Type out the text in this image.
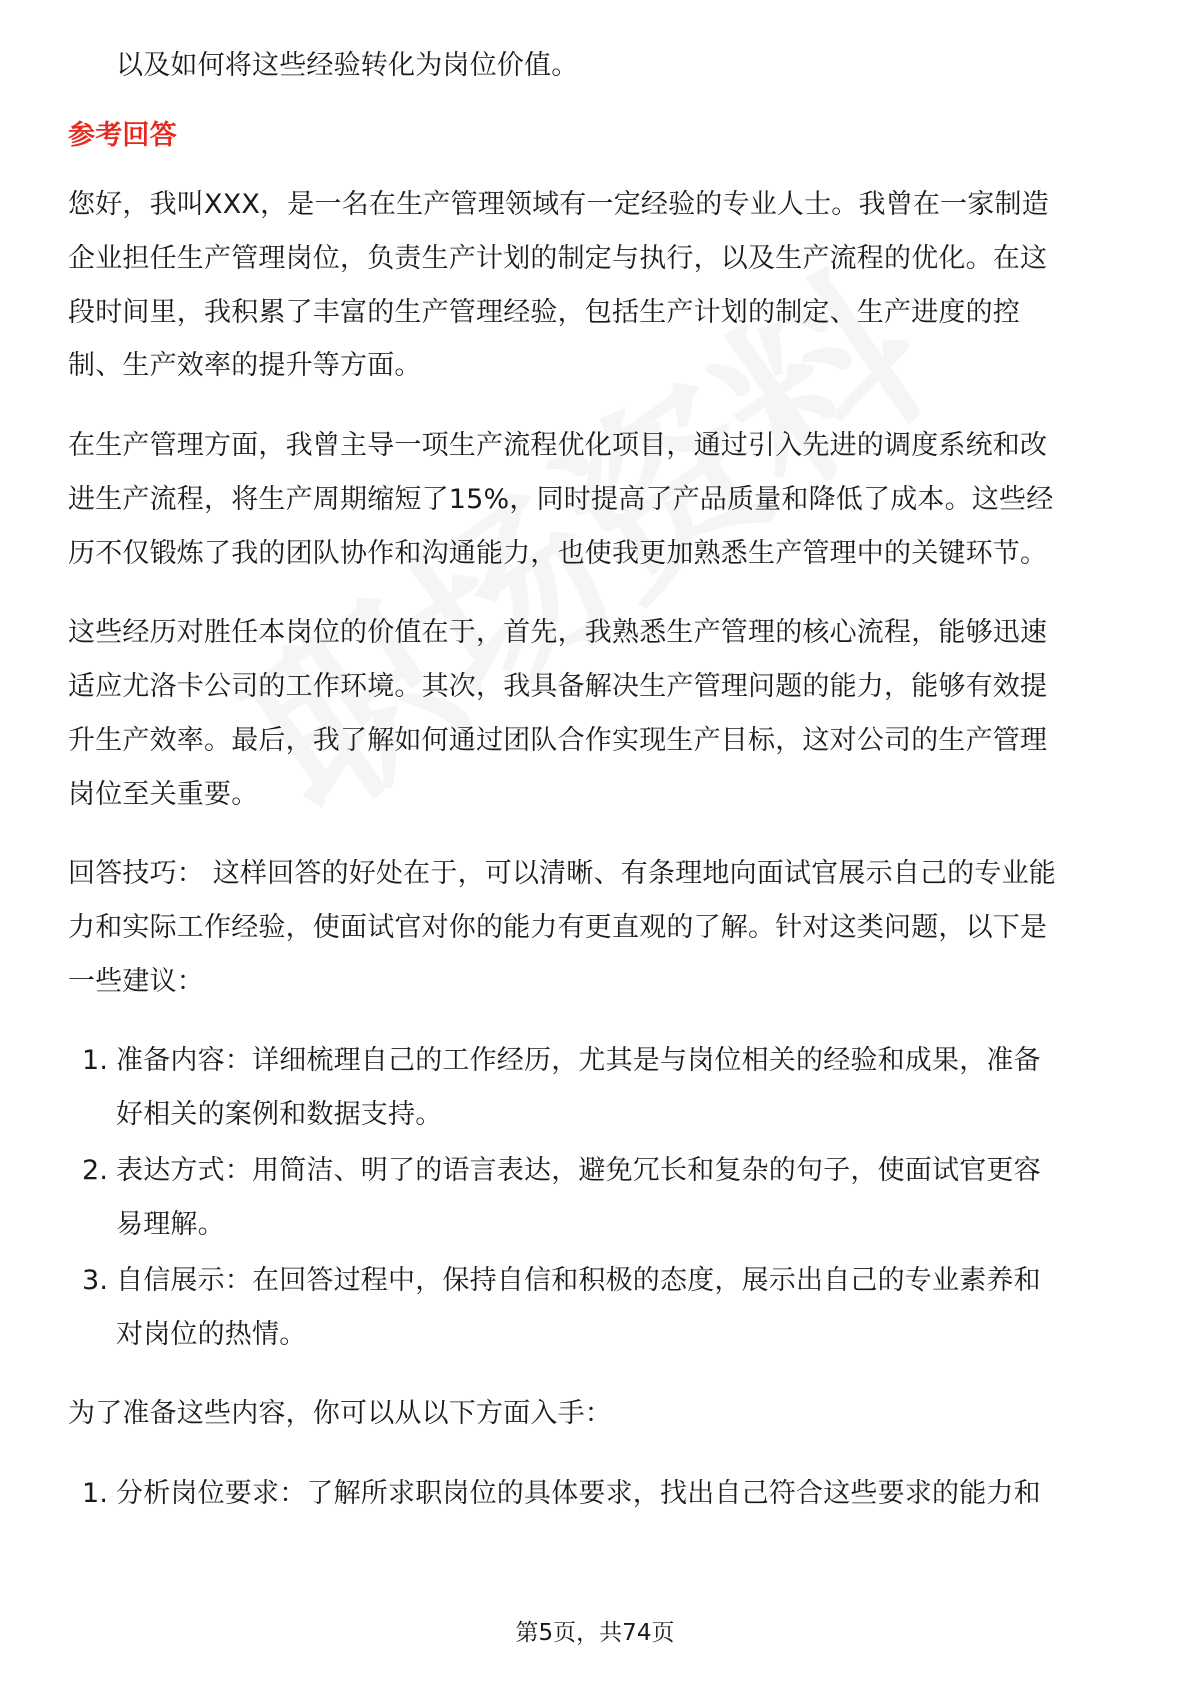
以及如何将这些经验转化为岗位价值。
参考回答
您好，我叫XXX，是一名在生产管理领域有一定经验的专业人士。我曾在一家制造
企业担任生产管理岗位，负责生产计划的制定与执行，以及生产流程的优化。在这
段时间里，我积累了丰富的生产管理经验，包括生产计划的制定、生产进度的控
制、生产效率的提升等方面。
在生产管理方面，我曾主导一项生产流程优化项目，通过引入先进的调度系统和改
进生产流程，将生产周期缩短了15%，同时提高了产品质量和降低了成本。这些经
历不仅锻炼了我的团队协作和沟通能力，也使我更加熟悉生产管理中的关键环节。
这些经历对胜任本岗位的价值在于，首先，我熟悉生产管理的核心流程，能够迅速
适应尤洛卡公司的工作环境。其次，我具备解决生产管理问题的能力，能够有效提
升生产效率。最后，我了解如何通过团队合作实现生产目标，这对公司的生产管理
岗位至关重要。
回答技巧： 这样回答的好处在于，可以清晰、有条理地向面试官展示自己的专业能
力和实际工作经验，使面试官对你的能力有更直观的了解。针对这类问题，以下是
一些建议：
1. 准备内容：详细梳理自己的工作经历，尤其是与岗位相关的经验和成果，准备
好相关的案例和数据支持。
2. 表达方式：用简洁、明了的语言表达，避免冗长和复杂的句子，使面试官更容
易理解。
3. 自信展示：在回答过程中，保持自信和积极的态度，展示出自己的专业素养和
对岗位的热情。
为了准备这些内容，你可以从以下方面入手：
1. 分析岗位要求：了解所求职岗位的具体要求，找出自己符合这些要求的能力和
第5页，共74页
